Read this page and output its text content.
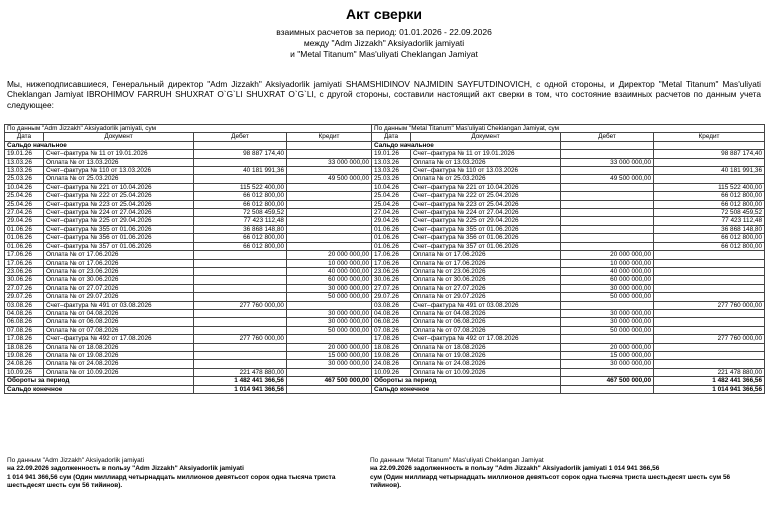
Акт сверки
взаимных расчетов за период: 01.01.2026 - 22.09.2026
между "Adm Jizzakh" Aksiyadorlik jamiyati
и "Metal Titanum" Mas'uliyati Cheklangan Jamiyat
Мы, нижеподписавшиеся, Генеральный директор "Adm Jizzakh" Aksiyadorlik jamiyati SHAMSHIDINOV NAJMIDIN SAYFUTDINOVICH, с одной стороны, и Директор "Metal Titanum" Mas'uliyati Cheklangan Jamiyat IBROHIMOV FARRUH SHUXRAT O`G`LI SHUXRAT O`G`LI, с другой стороны, составили настоящий акт сверки в том, что состояние взаимных расчетов по данным учета следующее:
По данным "Adm Jizzakh" Aksiyadorlik jamiyati, сум				По данным "Metal Titanum" Mas'uliyati Cheklangan Jamiyat, сум			
Дата	Документ	Дебет	Кредит	Дата	Документ	Дебет	Кредит
Сальдо начальное				Сальдо начальное			
19.01.26	Счет–фактура № 11 от 19.01.2026	98 887 174,40		19.01.26	Счет–фактура № 11 от 19.01.2026		98 887 174,40
13.03.26	Оплата № от 13.03.2026		33 000 000,00	13.03.26	Оплата № от 13.03.2026	33 000 000,00	
13.03.26	Счет–фактура № 110 от 13.03.2026	40 181 991,36		13.03.26	Счет–фактура № 110 от 13.03.2026		40 181 991,36
25.03.26	Оплата № от 25.03.2026		49 500 000,00	25.03.26	Оплата № от 25.03.2026	49 500 000,00	
10.04.26	Счет–фактура № 221 от 10.04.2026	115 522 400,00		10.04.26	Счет–фактура № 221 от 10.04.2026		115 522 400,00
25.04.26	Счет–фактура № 222 от 25.04.2026	66 012 800,00		25.04.26	Счет–фактура № 222 от 25.04.2026		66 012 800,00
25.04.26	Счет–фактура № 223 от 25.04.2026	66 012 800,00		25.04.26	Счет–фактура № 223 от 25.04.2026		66 012 800,00
27.04.26	Счет–фактура № 224 от 27.04.2026	72 508 459,52		27.04.26	Счет–фактура № 224 от 27.04.2026		72 508 459,52
29.04.26	Счет–фактура № 225 от 29.04.2026	77 423 112,48		29.04.26	Счет–фактура № 225 от 29.04.2026		77 423 112,48
01.06.26	Счет–фактура № 355 от 01.06.2026	36 868 148,80		01.06.26	Счет–фактура № 355 от 01.06.2026		36 868 148,80
01.06.26	Счет–фактура № 356 от 01.06.2026	66 012 800,00		01.06.26	Счет–фактура № 356 от 01.06.2026		66 012 800,00
01.06.26	Счет–фактура № 357 от 01.06.2026	66 012 800,00		01.06.26	Счет–фактура № 357 от 01.06.2026		66 012 800,00
17.06.26	Оплата № от 17.06.2026		20 000 000,00	17.06.26	Оплата № от 17.06.2026	20 000 000,00	
17.06.26	Оплата № от 17.06.2026		10 000 000,00	17.06.26	Оплата № от 17.06.2026	10 000 000,00	
23.06.26	Оплата № от 23.06.2026		40 000 000,00	23.06.26	Оплата № от 23.06.2026	40 000 000,00	
30.06.26	Оплата № от 30.06.2026		60 000 000,00	30.06.26	Оплата № от 30.06.2026	60 000 000,00	
27.07.26	Оплата № от 27.07.2026		30 000 000,00	27.07.26	Оплата № от 27.07.2026	30 000 000,00	
29.07.26	Оплата № от 29.07.2026		50 000 000,00	29.07.26	Оплата № от 29.07.2026	50 000 000,00	
03.08.26	Счет–фактура № 491 от 03.08.2026	277 760 000,00		03.08.26	Счет–фактура № 491 от 03.08.2026		277 760 000,00
04.08.26	Оплата № от 04.08.2026		30 000 000,00	04.08.26	Оплата № от 04.08.2026	30 000 000,00	
06.08.26	Оплата № от 06.08.2026		30 000 000,00	06.08.26	Оплата № от 06.08.2026	30 000 000,00	
07.08.26	Оплата № от 07.08.2026		50 000 000,00	07.08.26	Оплата № от 07.08.2026	50 000 000,00	
17.08.26	Счет–фактура № 492 от 17.08.2026	277 760 000,00		17.08.26	Счет–фактура № 492 от 17.08.2026		277 760 000,00
18.08.26	Оплата № от 18.08.2026		20 000 000,00	18.08.26	Оплата № от 18.08.2026	20 000 000,00	
19.08.26	Оплата № от 19.08.2026		15 000 000,00	19.08.26	Оплата № от 19.08.2026	15 000 000,00	
24.08.26	Оплата № от 24.08.2026		30 000 000,00	24.08.26	Оплата № от 24.08.2026	30 000 000,00	
10.09.26	Оплата № от 10.09.2026	221 478 880,00		10.09.26	Оплата № от 10.09.2026		221 478 880,00
Обороты за период		1 482 441 366,56	467 500 000,00	Обороты за период		467 500 000,00	1 482 441 366,56
Сальдо конечное		1 014 941 366,56		Сальдо конечное			1 014 941 366,56
По данным "Adm Jizzakh" Aksiyadorlik jamiyati
на 22.09.2026 задолженность в пользу "Adm Jizzakh" Aksiyadorlik jamiyati
1 014 941 366,56 сум (Один миллиард четырнадцать миллионов девятьсот сорок одна тысяча триста шестьдесят шесть сум 56 тийинов).
По данным "Metal Titanum" Mas'uliyati Cheklangan Jamiyat
на 22.09.2026 задолженность в пользу "Adm Jizzakh" Aksiyadorlik jamiyati 1 014 941 366,56
сум (Один миллиард четырнадцать миллионов девятьсот сорок одна тысяча триста шестьдесят шесть сум 56 тийинов).
